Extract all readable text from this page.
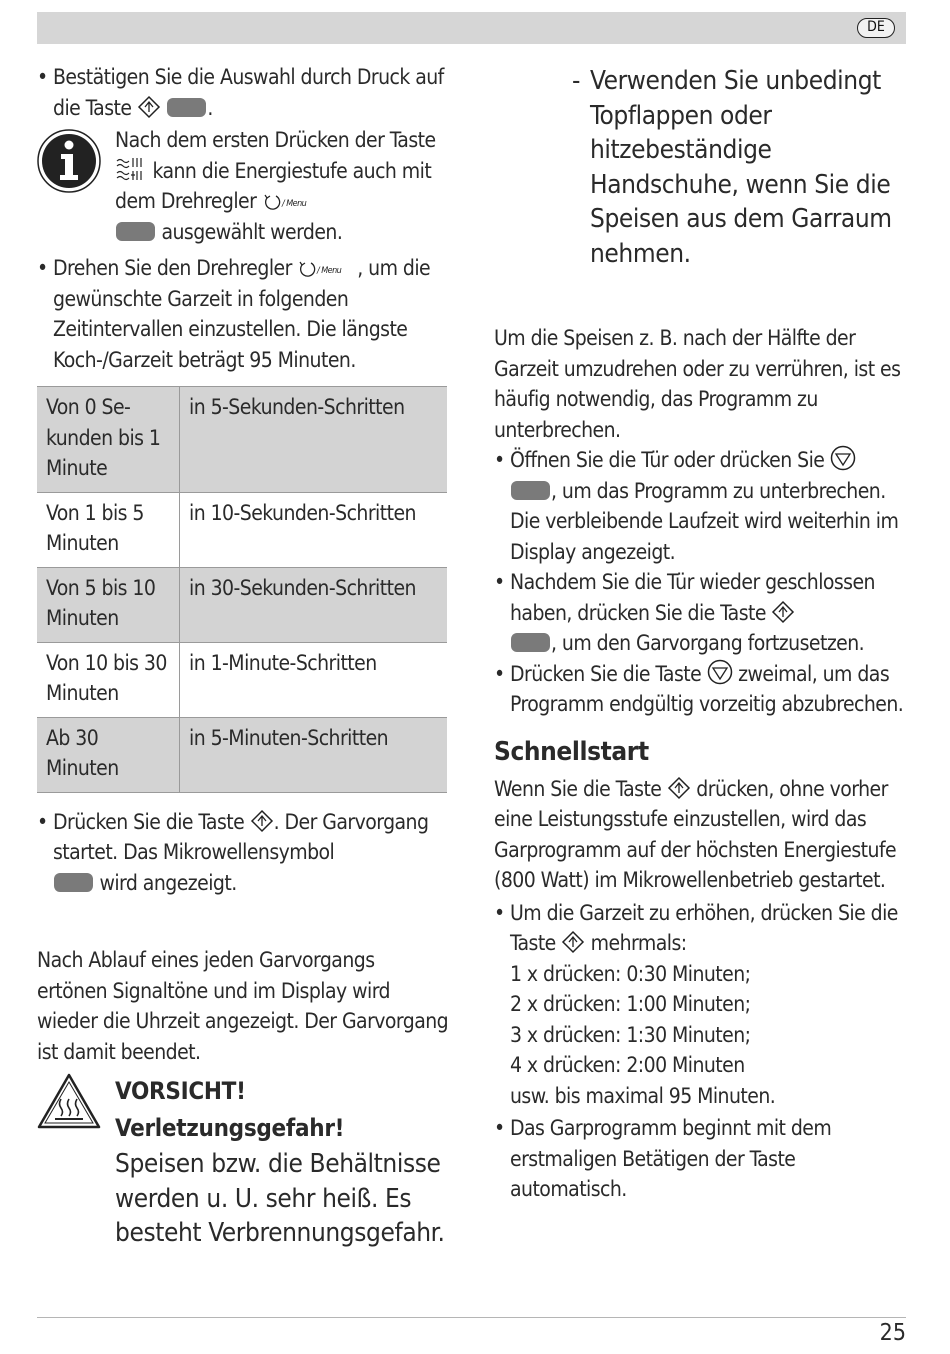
DE

• Bestätigen Sie die Auswahl durch Druck auf die Taste	.

Nach dem ersten Drücken der Taste
kann die Energiestufe auch mit dem Drehregler	/ Menu

ausgewählt werden.

• Drehen Sie den Drehregler	/ Menu , um die gewünschte Garzeit in folgenden Zeitintervallen einzustellen. Die längste Koch-/Garzeit beträgt 95 Minuten.

Von 0 Se-kunden bis 1 Minute	in 5-Sekunden-Schritten
Von 1 bis 5 Minuten	in 10-Sekunden-Schritten
Von 5 bis 10 Minuten	in 30-Sekunden-Schritten
Von 10 bis 30 Minuten	in 1-Minute-Schritten
Ab 30 Minuten	in 5-Minuten-Schritten

• Drücken Sie die Taste . Der Garvorgang startet. Das Mikrowellensymbol
wird angezeigt.

Nach Ablauf eines jeden Garvorgangs ertönen Signaltöne und im Display wird wieder die Uhrzeit angezeigt. Der Garvorgang ist damit beendet.

VORSICHT!
Verletzungsgefahr!
Speisen bzw. die Behältnisse werden u. U. sehr heiß. Es besteht Verbrennungsgefahr.

- Verwenden Sie unbedingt Topflappen oder hitzebeständige Handschuhe, wenn Sie die Speisen aus dem Garraum nehmen.

Um die Speisen z. B. nach der Hälfte der Garzeit umzudrehen oder zu verrühren, ist es häufig notwendig, das Programm zu unterbrechen.

• Öffnen Sie die Tür oder drücken Sie

, um das Programm zu unterbrechen. Die verbleibende Laufzeit wird weiterhin im Display angezeigt.

• Nachdem Sie die Tür wieder geschlossen haben, drücken Sie die Taste

, um den Garvorgang fortzusetzen.

• Drücken Sie die Taste zweimal, um das Programm endgültig vorzeitig abzubrechen.

Schnellstart

Wenn Sie die Taste drücken, ohne vorher eine Leistungsstufe einzustellen, wird das Garprogramm auf der höchsten Energiestufe (800 Watt) im Mikrowellenbetrieb gestartet.

• Um die Garzeit zu erhöhen, drücken Sie die Taste mehrmals:

1 x drücken: 0:30 Minuten;
2 x drücken: 1:00 Minuten;
3 x drücken: 1:30 Minuten;
4 x drücken: 2:00 Minuten
usw. bis maximal 95 Minuten.

• Das Garprogramm beginnt mit dem erstmaligen Betätigen der Taste automatisch.

25
